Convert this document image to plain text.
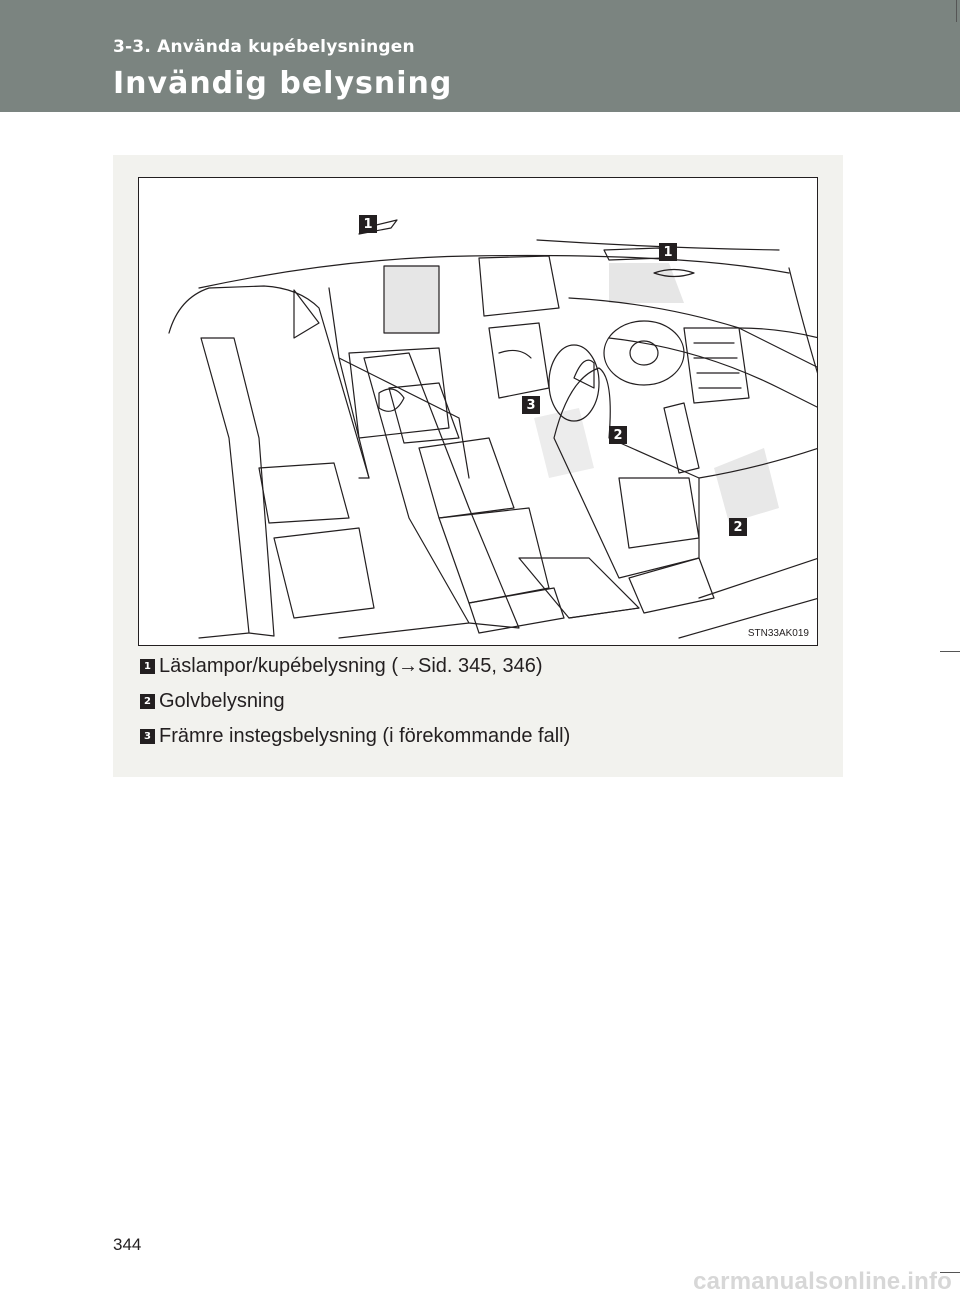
3-3. Använda kupébelysningen
Invändig belysning
1
1
3
2
2
STN33AK019
1 Läslampor/kupébelysning (→Sid. 345, 346)
2 Golvbelysning
3 Främre instegsbelysning (i förekommande fall)
344
carmanualsonline.info
